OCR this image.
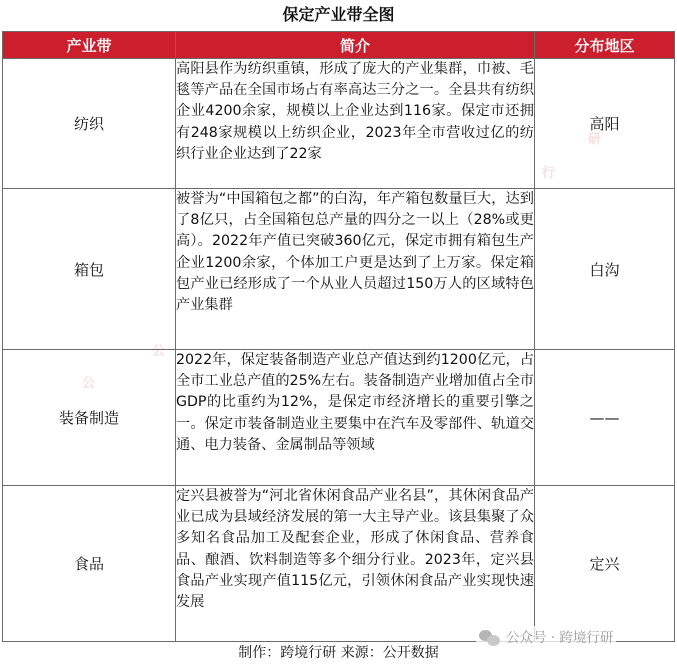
保定产业带全图
产业带	简介	分布地区
纺织	高阳县作为纺织重镇，形成了庞大的产业集群，巾被、毛毯等产品在全国市场占有率高达三分之一。全县共有纺织企业4200余家，规模以上企业达到116家。保定市还拥有248家规模以上纺织企业，2023年全市营收过亿的纺织行业企业达到了22家	高阳
箱包	被誉为“中国箱包之都”的白沟，年产箱包数量巨大，达到了8亿只，占全国箱包总产量的四分之一以上（28%或更高）。2022年产值已突破360亿元，保定市拥有箱包生产企业1200余家，个体加工户更是达到了上万家。保定箱包产业已经形成了一个从业人员超过150万人的区域特色产业集群	白沟
装备制造	2022年，保定装备制造产业总产值达到约1200亿元，占全市工业总产值的25%左右。装备制造产业增加值占全市GDP的比重约为12%，是保定市经济增长的重要引擎之一。保定市装备制造业主要集中在汽车及零部件、轨道交通、电力装备、金属制品等领域	——
食品	定兴县被誉为“河北省休闲食品产业名县”，其休闲食品产业已成为县域经济发展的第一大主导产业。该县集聚了众多知名食品加工及配套企业，形成了休闲食品、营养食品、酿酒、饮料制造等多个细分行业。2023年，定兴县食品产业实现产值115亿元，引领休闲食品产业实现快速发展	定兴
研
行
公
公
制作：跨境行研 来源：公开数据
公众号 · 跨境行研
